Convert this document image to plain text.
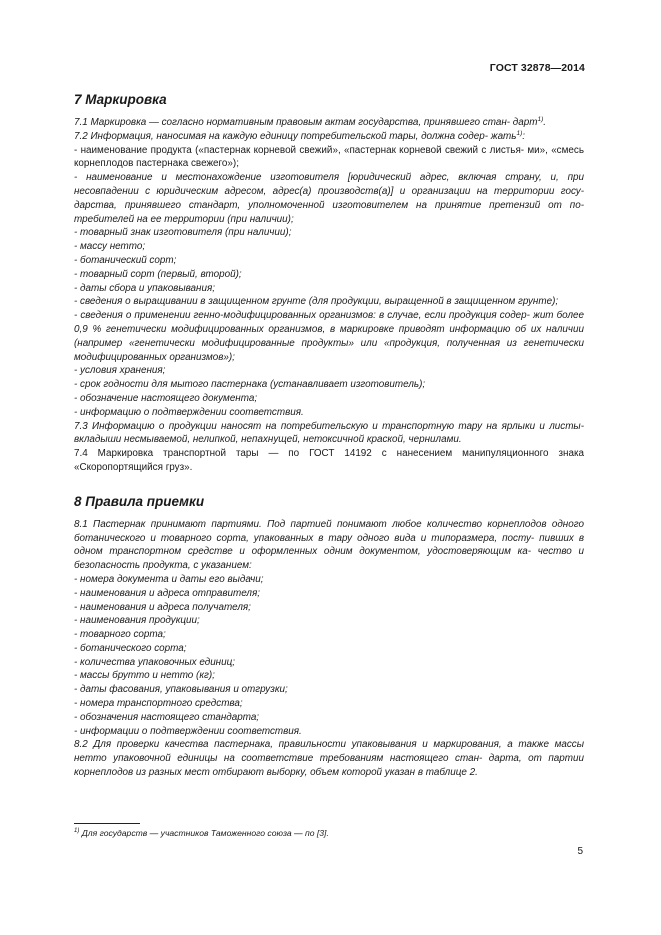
ГОСТ 32878—2014
7 Маркировка

7.1 Маркировка — согласно нормативным правовым актам государства, принявшего стан- дарт$^{1)}$.

7.2 Информация, наносимая на каждую единицу потребительской тары, должна содер- жать$^{1)}$:

- наименование продукта («пастернак корневой свежий», «пастернак корневой свежий с листья- ми», «смесь корнеплодов пастернака свежего»);

- наименование и местонахождение изготовителя [юридический адрес, включая страну, и, при несовпадении с юридическим адресом, адрес(а) производств(а)] и организации на территории госу- дарства, принявшего стандарт, уполномоченной изготовителем на принятие претензий от по- требителей на ее территории (при наличии);

- товарный знак изготовителя (при наличии);

- массу нетто;

- ботанический сорт;

- товарный сорт (первый, второй);

- даты сбора и упаковывания;

- сведения о выращивании в защищенном грунте (для продукции, выращенной в защищенном грунте);

- сведения о применении генно-модифицированных организмов: в случае, если продукция содер- жит более 0,9 % генетически модифицированных организмов, в маркировке приводят информацию об их наличии (например «генетически модифицированные продукты» или «продукция, полученная из генетически модифицированных организмов»);

- условия хранения;

- срок годности для мытого пастернака (устанавливает изготовитель);

- обозначение настоящего документа;

- информацию о подтверждении соответствия.

7.3 Информацию о продукции наносят на потребительскую и транспортную тару на ярлыки и листы-вкладыши несмываемой, нелипкой, непахнущей, нетоксичной краской, чернилами.

7.4 Маркировка транспортной тары — по ГОСТ 14192 с нанесением манипуляционного знака «Скоропортящийся груз».

8 Правила приемки

8.1 Пастернак принимают партиями. Под партией понимают любое количество корнеплодов одного ботанического и товарного сорта, упакованных в тару одного вида и типоразмера, посту- пивших в одном транспортном средстве и оформленных одним документом, удостоверяющим ка- чество и безопасность продукта, с указанием:

- номера документа и даты его выдачи;

- наименования и адреса отправителя;

- наименования и адреса получателя;

- наименования продукции;

- товарного сорта;

- ботанического сорта;

- количества упаковочных единиц;

- массы брутто и нетто (кг);

- даты фасования, упаковывания и отгрузки;

- номера транспортного средства;

- обозначения настоящего стандарта;

- информации о подтверждении соответствия.

8.2 Для проверки качества пастернака, правильности упаковывания и маркирования, а также массы нетто упаковочной единицы на соответствие требованиям настоящего стан- дарта, от партии корнеплодов из разных мест отбирают выборку, объем которой указан в таблице 2.

$^{1)}$ Для государств — участников Таможенного союза — по [3].
5
